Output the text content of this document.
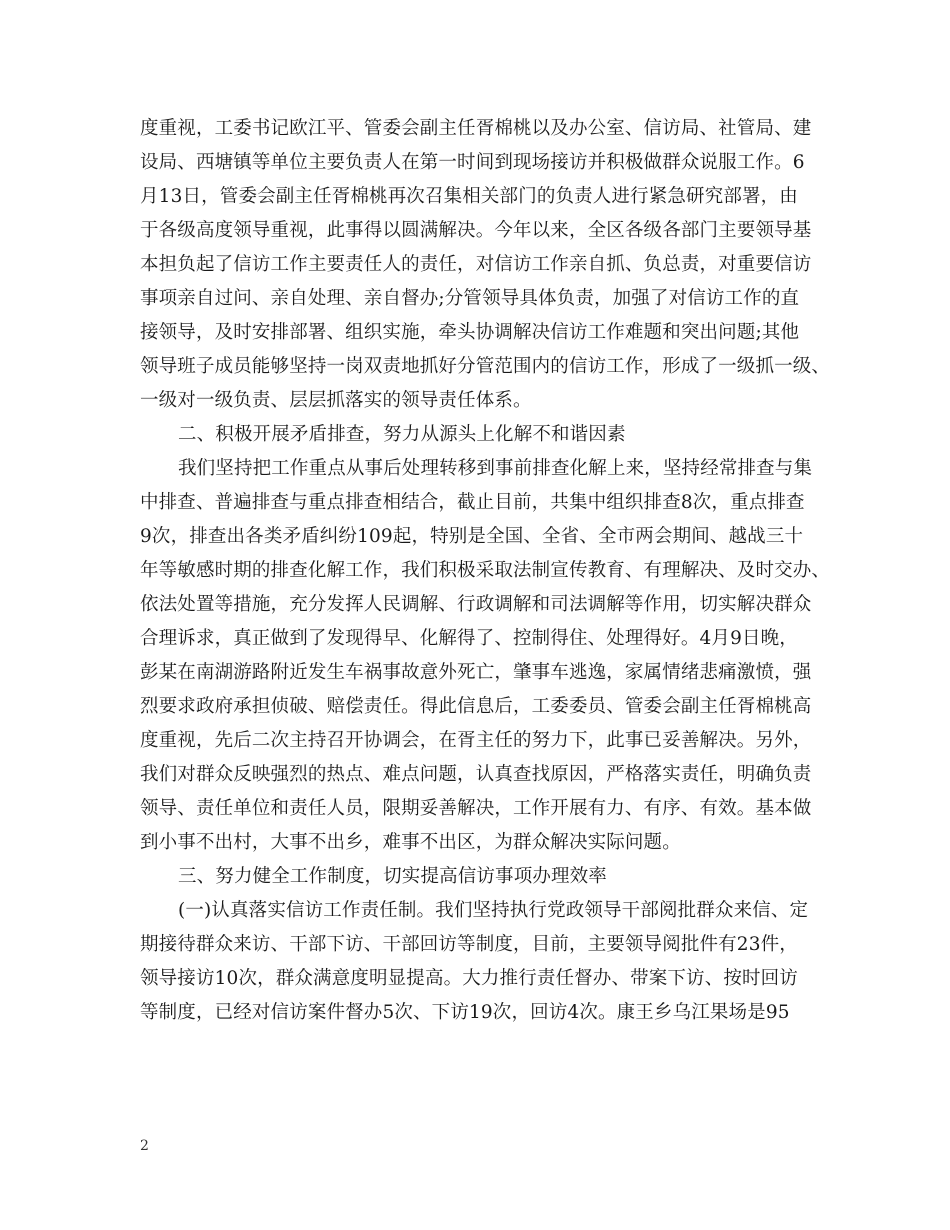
度重视，工委书记欧江平、管委会副主任胥棉桃以及办公室、信访局、社管局、建
设局、西塘镇等单位主要负责人在第一时间到现场接访并积极做群众说服工作。6
月13日，管委会副主任胥棉桃再次召集相关部门的负责人进行紧急研究部署，由
于各级高度领导重视，此事得以圆满解决。今年以来，全区各级各部门主要领导基
本担负起了信访工作主要责任人的责任，对信访工作亲自抓、负总责，对重要信访
事项亲自过问、亲自处理、亲自督办;分管领导具体负责，加强了对信访工作的直
接领导，及时安排部署、组织实施，牵头协调解决信访工作难题和突出问题;其他
领导班子成员能够坚持一岗双责地抓好分管范围内的信访工作，形成了一级抓一级、
一级对一级负责、层层抓落实的领导责任体系。
二、积极开展矛盾排查，努力从源头上化解不和谐因素
我们坚持把工作重点从事后处理转移到事前排查化解上来，坚持经常排查与集
中排查、普遍排查与重点排查相结合，截止目前，共集中组织排查8次，重点排查
9次，排查出各类矛盾纠纷109起，特别是全国、全省、全市两会期间、越战三十
年等敏感时期的排查化解工作，我们积极采取法制宣传教育、有理解决、及时交办、
依法处置等措施，充分发挥人民调解、行政调解和司法调解等作用，切实解决群众
合理诉求，真正做到了发现得早、化解得了、控制得住、处理得好。4月9日晚，
彭某在南湖游路附近发生车祸事故意外死亡，肇事车逃逸，家属情绪悲痛激愤，强
烈要求政府承担侦破、赔偿责任。得此信息后，工委委员、管委会副主任胥棉桃高
度重视，先后二次主持召开协调会，在胥主任的努力下，此事已妥善解决。另外，
我们对群众反映强烈的热点、难点问题，认真查找原因，严格落实责任，明确负责
领导、责任单位和责任人员，限期妥善解决，工作开展有力、有序、有效。基本做
到小事不出村，大事不出乡，难事不出区，为群众解决实际问题。
三、努力健全工作制度，切实提高信访事项办理效率
(一)认真落实信访工作责任制。我们坚持执行党政领导干部阅批群众来信、定
期接待群众来访、干部下访、干部回访等制度，目前，主要领导阅批件有23件，
领导接访10次，群众满意度明显提高。大力推行责任督办、带案下访、按时回访
等制度，已经对信访案件督办5次、下访19次，回访4次。康王乡乌江果场是95
2
